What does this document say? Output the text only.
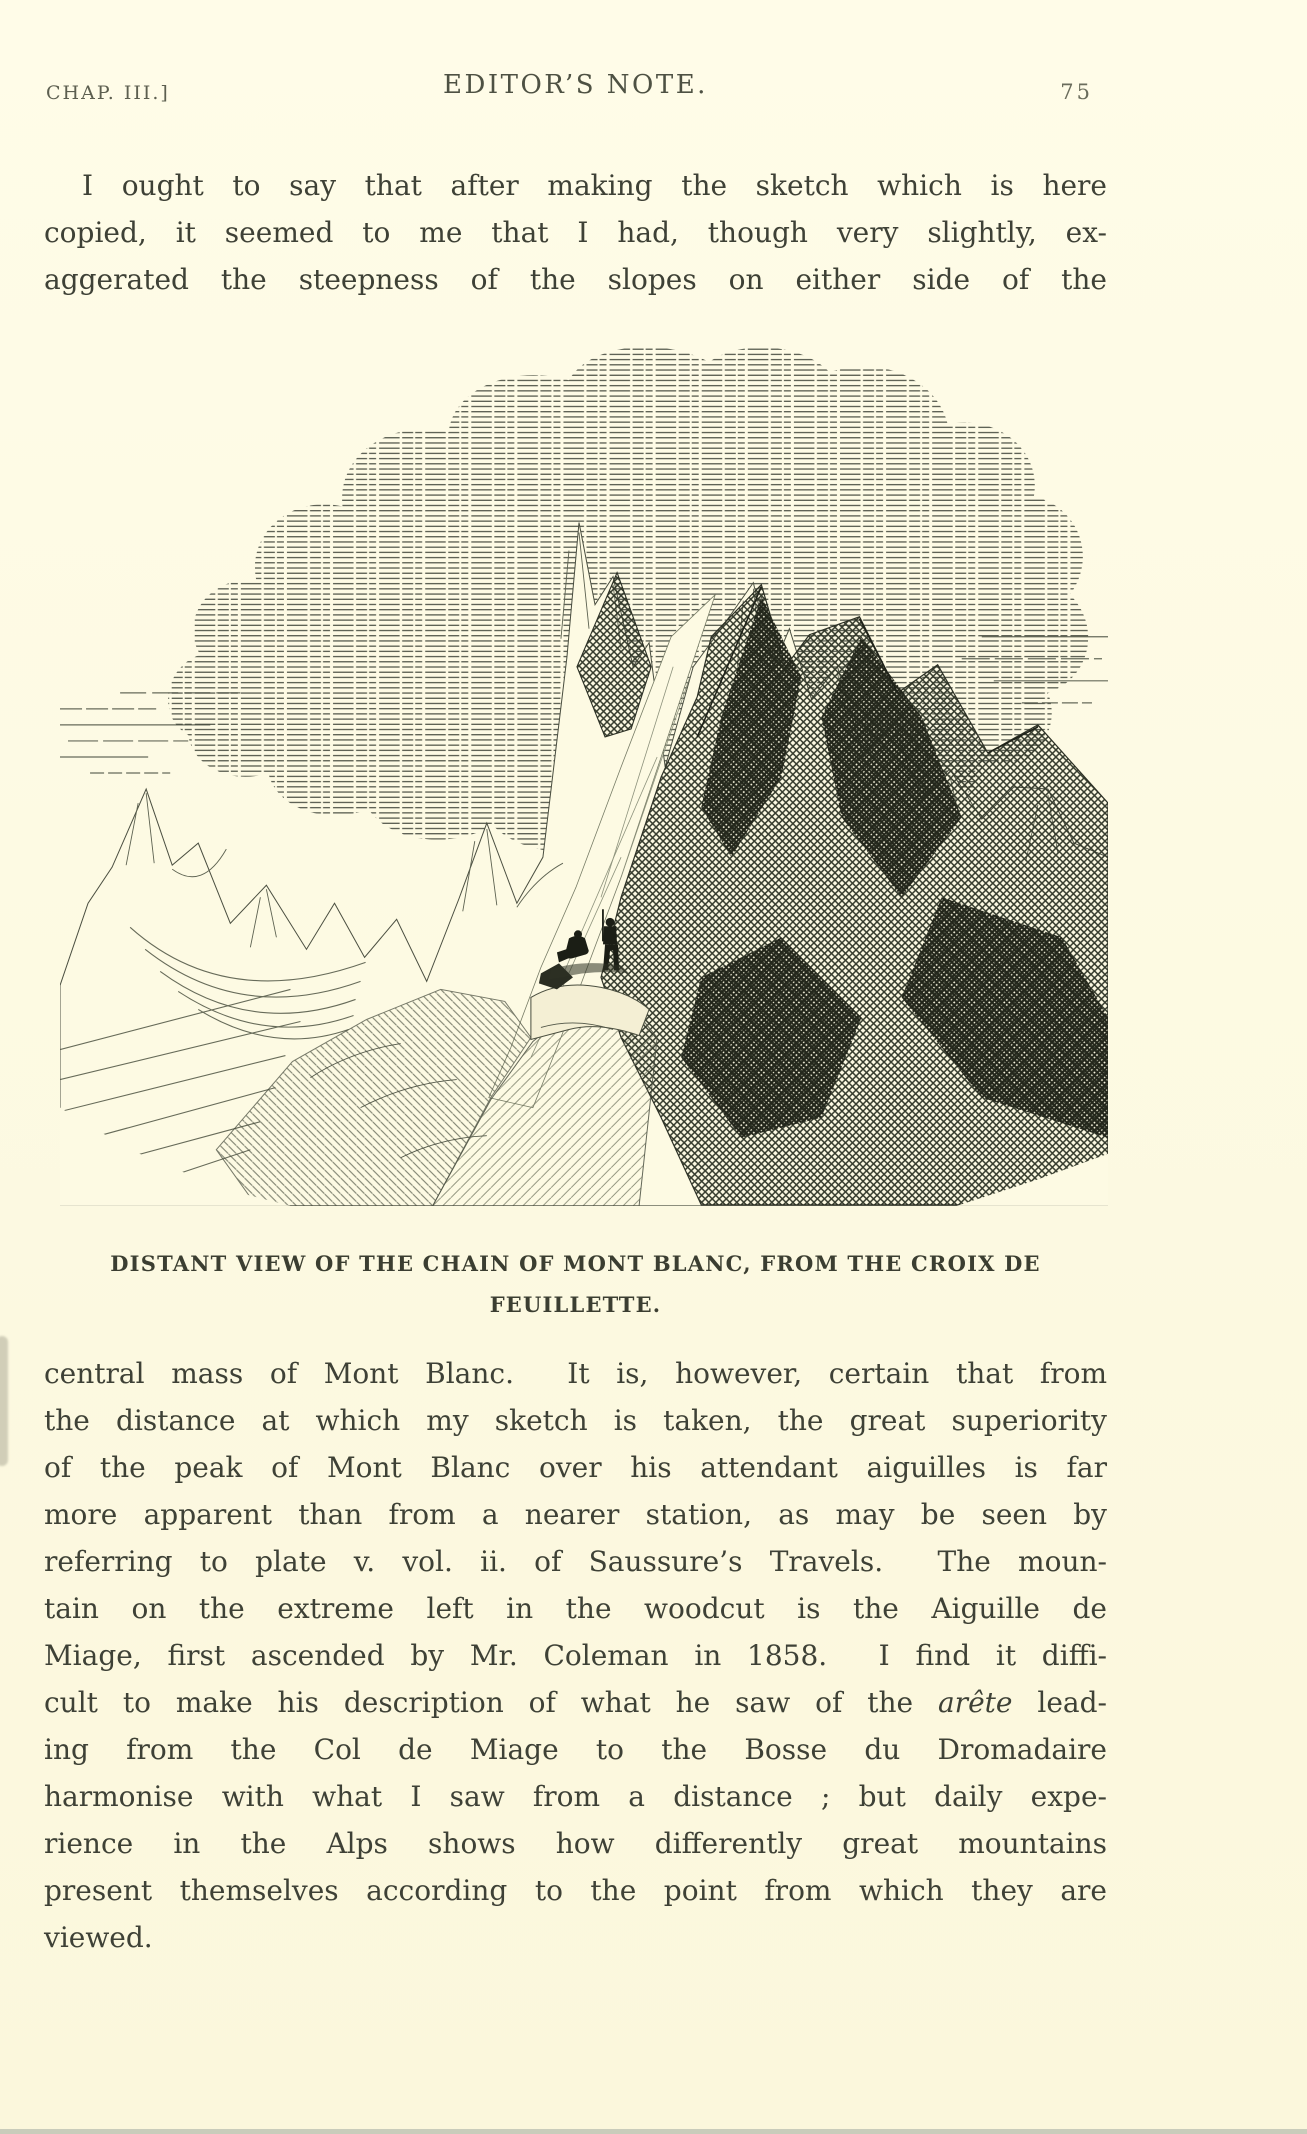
CHAP. III.]	EDITOR’S NOTE.	75
I ought to say that after making the sketch which is here
copied, it seemed to me that I had, though very slightly, ex-
aggerated the steepness of the slopes on either side of the
DISTANT VIEW OF THE CHAIN OF MONT BLANC, FROM THE CROIX DE
FEUILLETTE.
central mass of Mont Blanc.  It is, however, certain that from
the distance at which my sketch is taken, the great superiority
of the peak of Mont Blanc over his attendant aiguilles is far
more apparent than from a nearer station, as may be seen by
referring to plate v. vol. ii. of Saussure’s Travels.  The moun-
tain on the extreme left in the woodcut is the Aiguille de
Miage, first ascended by Mr. Coleman in 1858.  I find it diffi-
cult to make his description of what he saw of the arête lead-
ing from the Col de Miage to the Bosse du Dromadaire
harmonise with what I saw from a distance ; but daily expe-
rience in the Alps shows how differently great mountains
present themselves according to the point from which they are
viewed.
